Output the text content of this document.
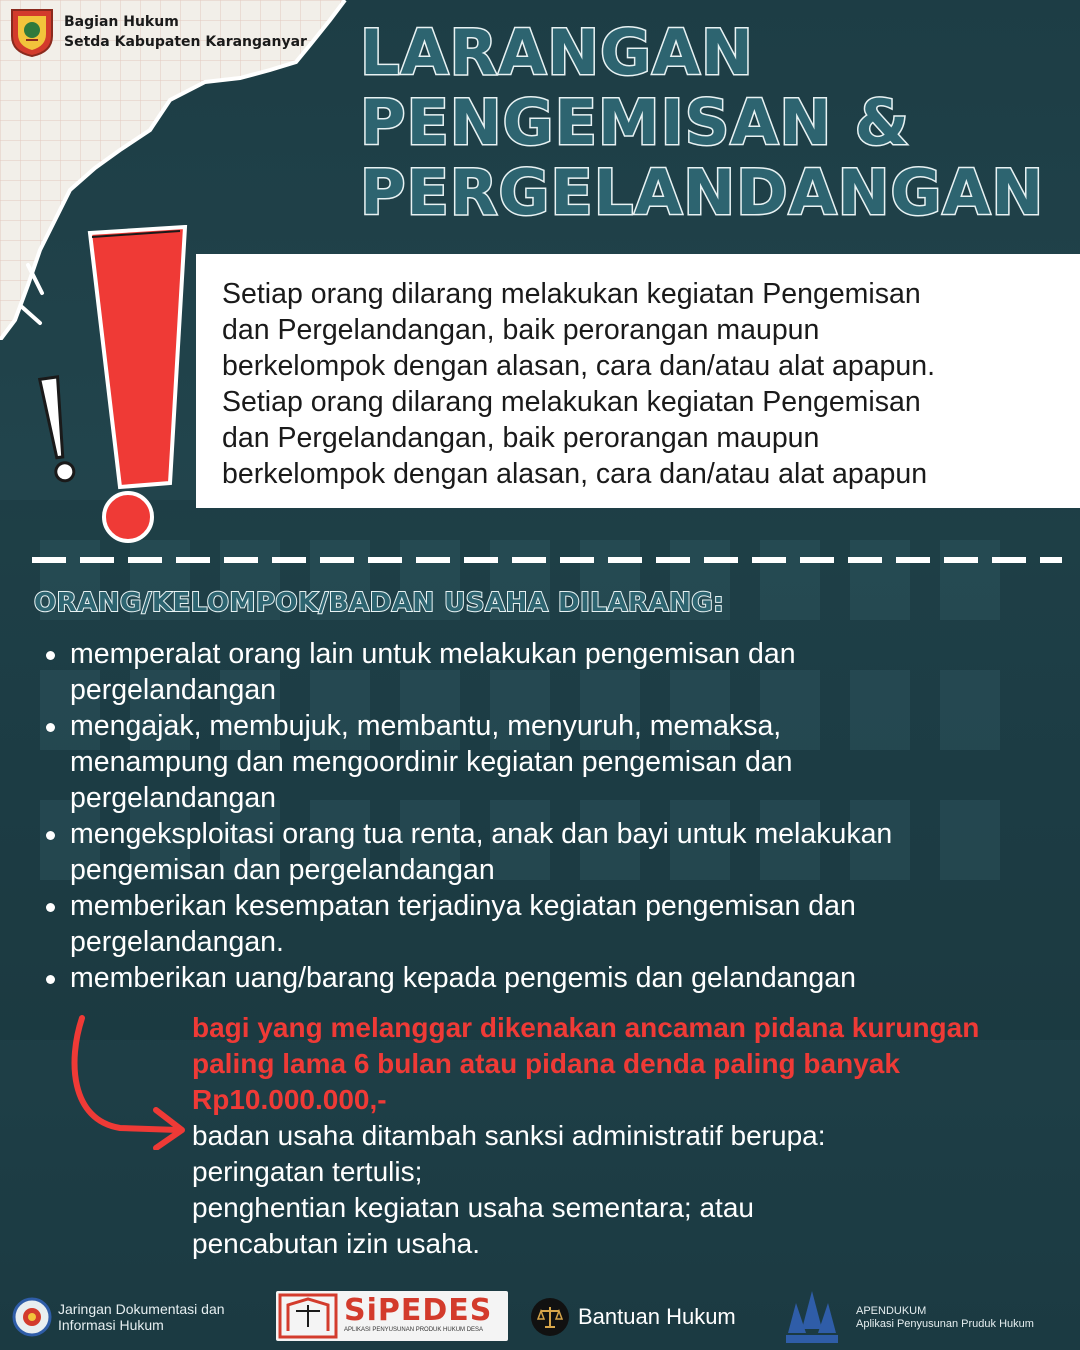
Bagian Hukum
Setda Kabupaten Karanganyar LARANGAN
PENGEMISAN &
PERGELANDANGAN

Setiap orang dilarang melakukan kegiatan Pengemisan

dan Pergelandangan, baik perorangan maupun

berkelompok dengan alasan, cara dan/atau alat apapun.

Setiap orang dilarang melakukan kegiatan Pengemisan

dan Pergelandangan, baik perorangan maupun

berkelompok dengan alasan, cara dan/atau alat apapun

ORANG/KELOMPOK/BADAN USAHA DILARANG:
memperalat orang lain untuk melakukan pengemisan dan
pergelandangan
mengajak, membujuk, membantu, menyuruh, memaksa,
menampung dan mengoordinir kegiatan pengemisan dan
pergelandangan
mengeksploitasi orang tua renta, anak dan bayi untuk melakukan
pengemisan dan pergelandangan
memberikan kesempatan terjadinya kegiatan pengemisan dan
pergelandangan.
memberikan uang/barang kepada pengemis dan gelandangan
bagi yang melanggar dikenakan ancaman pidana kurungan
paling lama 6 bulan atau pidana denda paling banyak
Rp10.000.000,-
badan usaha ditambah sanksi administratif berupa:
peringatan tertulis;
penghentian kegiatan usaha sementara; atau
pencabutan izin usaha.
Jaringan Dokumentasi dan
Informasi Hukum	SiPEDES
APLIKASI PENYUSUNAN PRODUK HUKUM DESA
Bantuan Hukum	APENDUKUM
Aplikasi Penyusunan Pruduk Hukum
